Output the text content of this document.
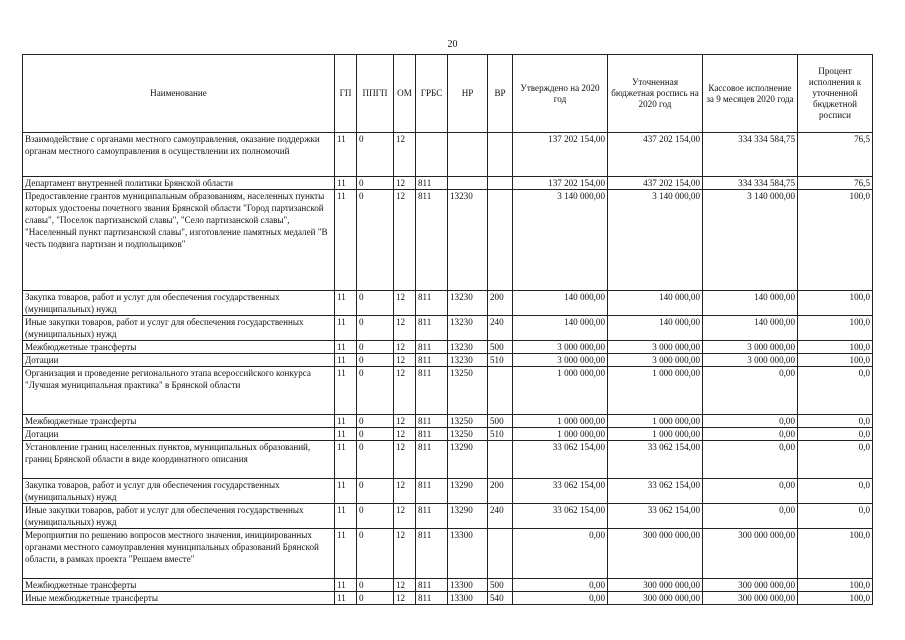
20
Наименование	ГП	ППГП	ОМ	ГРБС	НР	ВР	Утверждено на 2020 год	Уточненная бюджетная роспись на 2020 год	Кассовое исполнение за 9 месяцев 2020 года	Процент исполнения к уточненной бюджетной росписи
Взаимодействие с органами местного самоуправления, оказание поддержки органам местного самоуправления в осуществлении их полномочий	11	0	12				137 202 154,00	437 202 154,00	334 334 584,75	76,5
Департамент внутренней политики Брянской области	11	0	12	811			137 202 154,00	437 202 154,00	334 334 584,75	76,5
Предоставление грантов муниципальным образованиям, населенных пункты которых удостоены почетного звания Брянской области "Город партизанской славы", "Поселок партизанской славы", "Село партизанской славы", "Населенный пункт партизанской славы", изготовление памятных медалей "В честь подвига партизан и подпольщиков"	11	0	12	811	13230		3 140 000,00	3 140 000,00	3 140 000,00	100,0
Закупка товаров, работ и услуг для обеспечения государственных (муниципальных) нужд	11	0	12	811	13230	200	140 000,00	140 000,00	140 000,00	100,0
Иные закупки товаров, работ и услуг для обеспечения государственных (муниципальных) нужд	11	0	12	811	13230	240	140 000,00	140 000,00	140 000,00	100,0
Межбюджетные трансферты	11	0	12	811	13230	500	3 000 000,00	3 000 000,00	3 000 000,00	100,0
Дотации	11	0	12	811	13230	510	3 000 000,00	3 000 000,00	3 000 000,00	100,0
Организация и проведение регионального этапа всероссийского конкурса "Лучшая муниципальная практика" в Брянской области	11	0	12	811	13250		1 000 000,00	1 000 000,00	0,00	0,0
Межбюджетные трансферты	11	0	12	811	13250	500	1 000 000,00	1 000 000,00	0,00	0,0
Дотации	11	0	12	811	13250	510	1 000 000,00	1 000 000,00	0,00	0,0
Установление границ населенных пунктов, муниципальных образований, границ Брянской области в виде координатного описания	11	0	12	811	13290		33 062 154,00	33 062 154,00	0,00	0,0
Закупка товаров, работ и услуг для обеспечения государственных (муниципальных) нужд	11	0	12	811	13290	200	33 062 154,00	33 062 154,00	0,00	0,0
Иные закупки товаров, работ и услуг для обеспечения государственных (муниципальных) нужд	11	0	12	811	13290	240	33 062 154,00	33 062 154,00	0,00	0,0
Мероприятия по решению вопросов местного значения, инициированных органами местного самоуправления муниципальных образований Брянской области, в рамках проекта "Решаем вместе"	11	0	12	811	13300		0,00	300 000 000,00	300 000 000,00	100,0
Межбюджетные трансферты	11	0	12	811	13300	500	0,00	300 000 000,00	300 000 000,00	100,0
Иные межбюджетные трансферты	11	0	12	811	13300	540	0,00	300 000 000,00	300 000 000,00	100,0
